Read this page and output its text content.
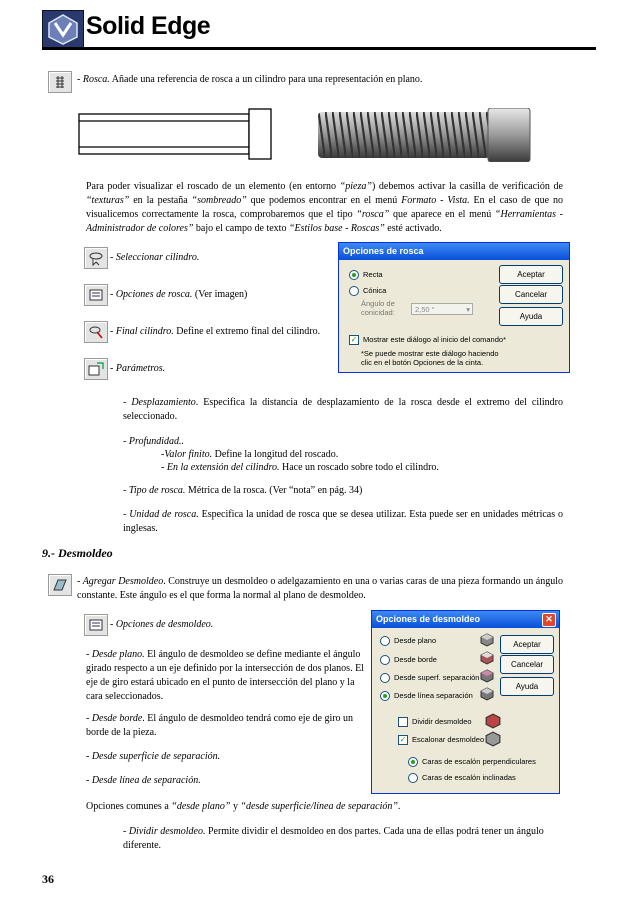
Solid Edge
- Rosca. Añade una referencia de rosca a un cilindro para una representación en plano.
Para poder visualizar el roscado de un elemento (en entorno “pieza”) debemos activar la casilla de verificación de “texturas” en la pestaña “sombreado” que podemos encontrar en el menú Formato - Vista. En el caso de que no visualicemos correctamente la rosca, comprobaremos que el tipo “rosca” que aparece en el menú “Herramientas - Administrador de colores” bajo el campo de texto “Estilos base - Roscas” esté activado.
- Seleccionar cilindro.
- Opciones de rosca. (Ver imagen)
- Final cilindro. Define el extremo final del cilindro.
- Parámetros.
Opciones de rosca
Recta
Cónica
Ángulo de conicidad:	2,50 °	▾
✓ Mostrar este diálogo al inicio del comando*
*Se puede mostrar este diálogo haciendo clic en el botón Opciones de la cinta.
Aceptar
Cancelar
Ayuda
- Desplazamiento. Especifica la distancia de desplazamiento de la rosca desde el extremo del cilindro seleccionado.
- Profundidad..
-Valor finito. Define la longitud del roscado.
- En la extensión del cilindro. Hace un roscado sobre todo el cilindro.
- Tipo de rosca. Métrica de la rosca. (Ver “nota” en pág. 34)
- Unidad de rosca. Especifica la unidad de rosca que se desea utilizar. Esta puede ser en unidades métricas o inglesas.
9.- Desmoldeo
- Agregar Desmoldeo. Construye un desmoldeo o adelgazamiento en una o varias caras de una pieza formando un ángulo constante. Este ángulo es el que forma la normal al plano de desmoldeo.
- Opciones de desmoldeo.
- Desde plano. El ángulo de desmoldeo se define mediante el ángulo girado respecto a un eje definido por la intersección de dos planos. El eje de giro estará ubicado en el punto de intersección del plano y la cara seleccionados.
- Desde borde. El ángulo de desmoldeo tendrá como eje de giro un borde de la pieza.
- Desde superficie de separación.
- Desde línea de separación.
Opciones comunes a “desde plano” y “desde superficie/línea de separación”.
- Dividir desmoldeo. Permite dividir el desmoldeo en dos partes. Cada una de ellas podrá tener un ángulo diferente.
Opciones de desmoldeo	✕
Desde plano
Desde borde
Desde superf. separación
Desde línea separación
Dividir desmoldeo
✓ Escalonar desmoldeo
Caras de escalón perpendiculares
Caras de escalón inclinadas
Aceptar
Cancelar
Ayuda
36
